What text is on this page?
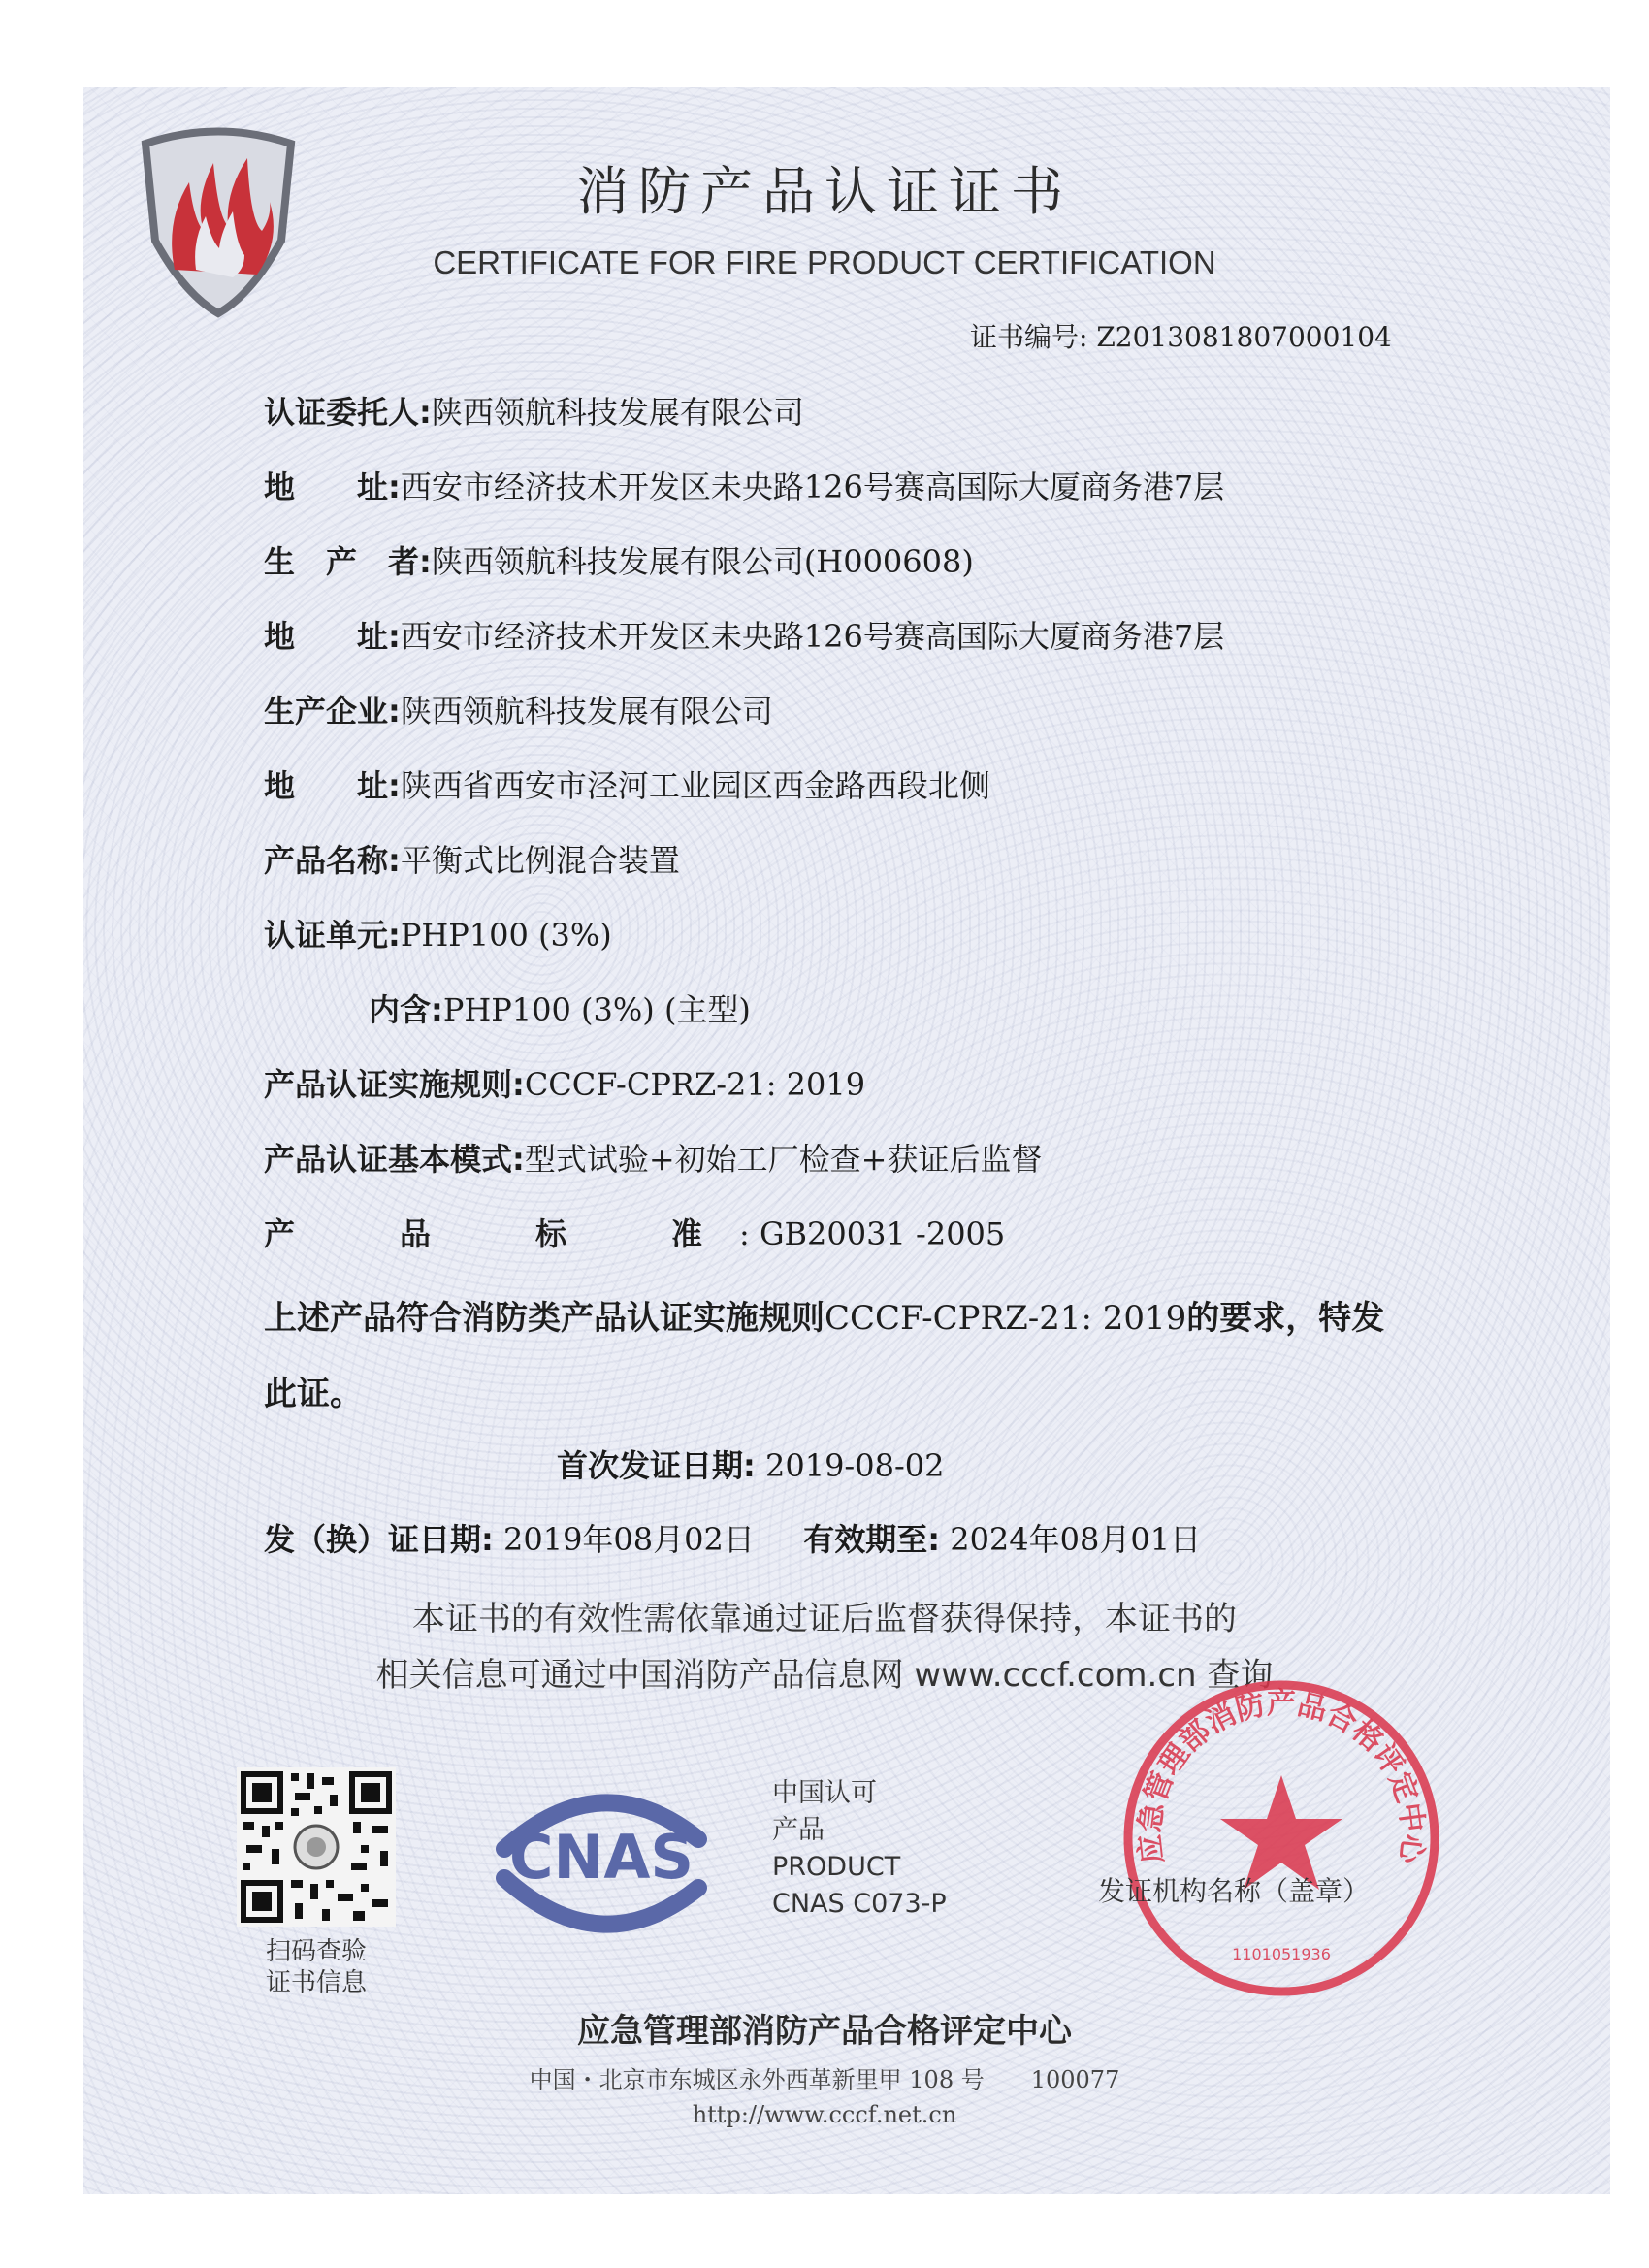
消防产品认证证书
CERTIFICATE FOR FIRE PRODUCT CERTIFICATION
证书编号: Z2013081807000104
认证委托人:陕西领航科技发展有限公司
地　　址:西安市经济技术开发区未央路126号赛高国际大厦商务港7层
生　产　者:陕西领航科技发展有限公司(H000608)
地　　址:西安市经济技术开发区未央路126号赛高国际大厦商务港7层
生产企业:陕西领航科技发展有限公司
地　　址:陕西省西安市泾河工业园区西金路西段北侧
产品名称:平衡式比例混合装置
认证单元:PHP100 (3%)
内含:PHP100 (3%) (主型)
产品认证实施规则:CCCF-CPRZ-21: 2019
产品认证基本模式:型式试验+初始工厂检查+获证后监督
产　品　标　准: GB20031 -2005
上述产品符合消防类产品认证实施规则CCCF-CPRZ-21: 2019的要求，特发此证。
首次发证日期: 2019-08-02
发（换）证日期: 2019年08月02日 有效期至: 2024年08月01日
本证书的有效性需依靠通过证后监督获得保持，本证书的
相关信息可通过中国消防产品信息网 www.cccf.com.cn 查询
扫码查验
证书信息
CNAS
中国认可
产品
PRODUCT
CNAS C073-P
应急管理部消防产品合格评定中心
1101051936
发证机构名称（盖章）
应急管理部消防产品合格评定中心
中国・北京市东城区永外西革新里甲 108 号　　100077
http://www.cccf.net.cn
